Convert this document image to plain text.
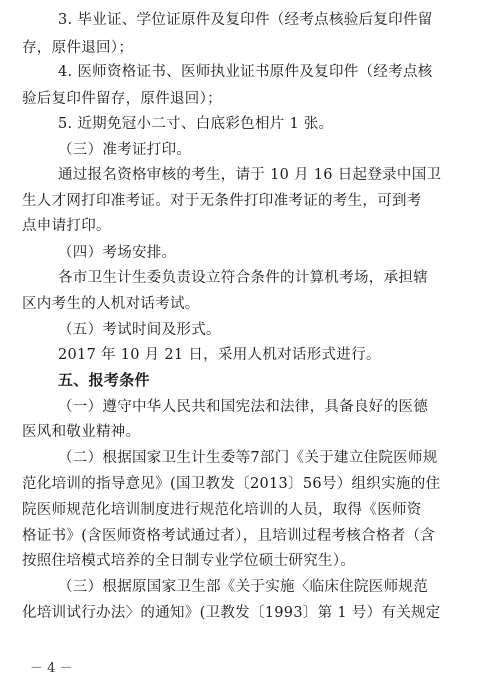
3. 毕业证、学位证原件及复印件（经考点核验后复印件留
存，原件退回）；
4. 医师资格证书、医师执业证书原件及复印件（经考点核
验后复印件留存，原件退回）；
5. 近期免冠小二寸、白底彩色相片 1 张。
（三）准考证打印。
通过报名资格审核的考生，请于 10 月 16 日起登录中国卫
生人才网打印准考证。对于无条件打印准考证的考生，可到考
点申请打印。
（四）考场安排。
各市卫生计生委负责设立符合条件的计算机考场，承担辖
区内考生的人机对话考试。
（五）考试时间及形式。
2017 年 10 月 21 日，采用人机对话形式进行。
五、报考条件
（一）遵守中华人民共和国宪法和法律，具备良好的医德
医风和敬业精神。
（二）根据国家卫生计生委等7部门《关于建立住院医师规
范化培训的指导意见》(国卫教发〔2013〕56号）组织实施的住
院医师规范化培训制度进行规范化培训的人员，取得《医师资
格证书》(含医师资格考试通过者），且培训过程考核合格者（含
按照住培模式培养的全日制专业学位硕士研究生）。
（三）根据原国家卫生部《关于实施〈临床住院医师规范
化培训试行办法〉的通知》(卫教发〔1993〕第 1 号）有关规定
－ 4 －
